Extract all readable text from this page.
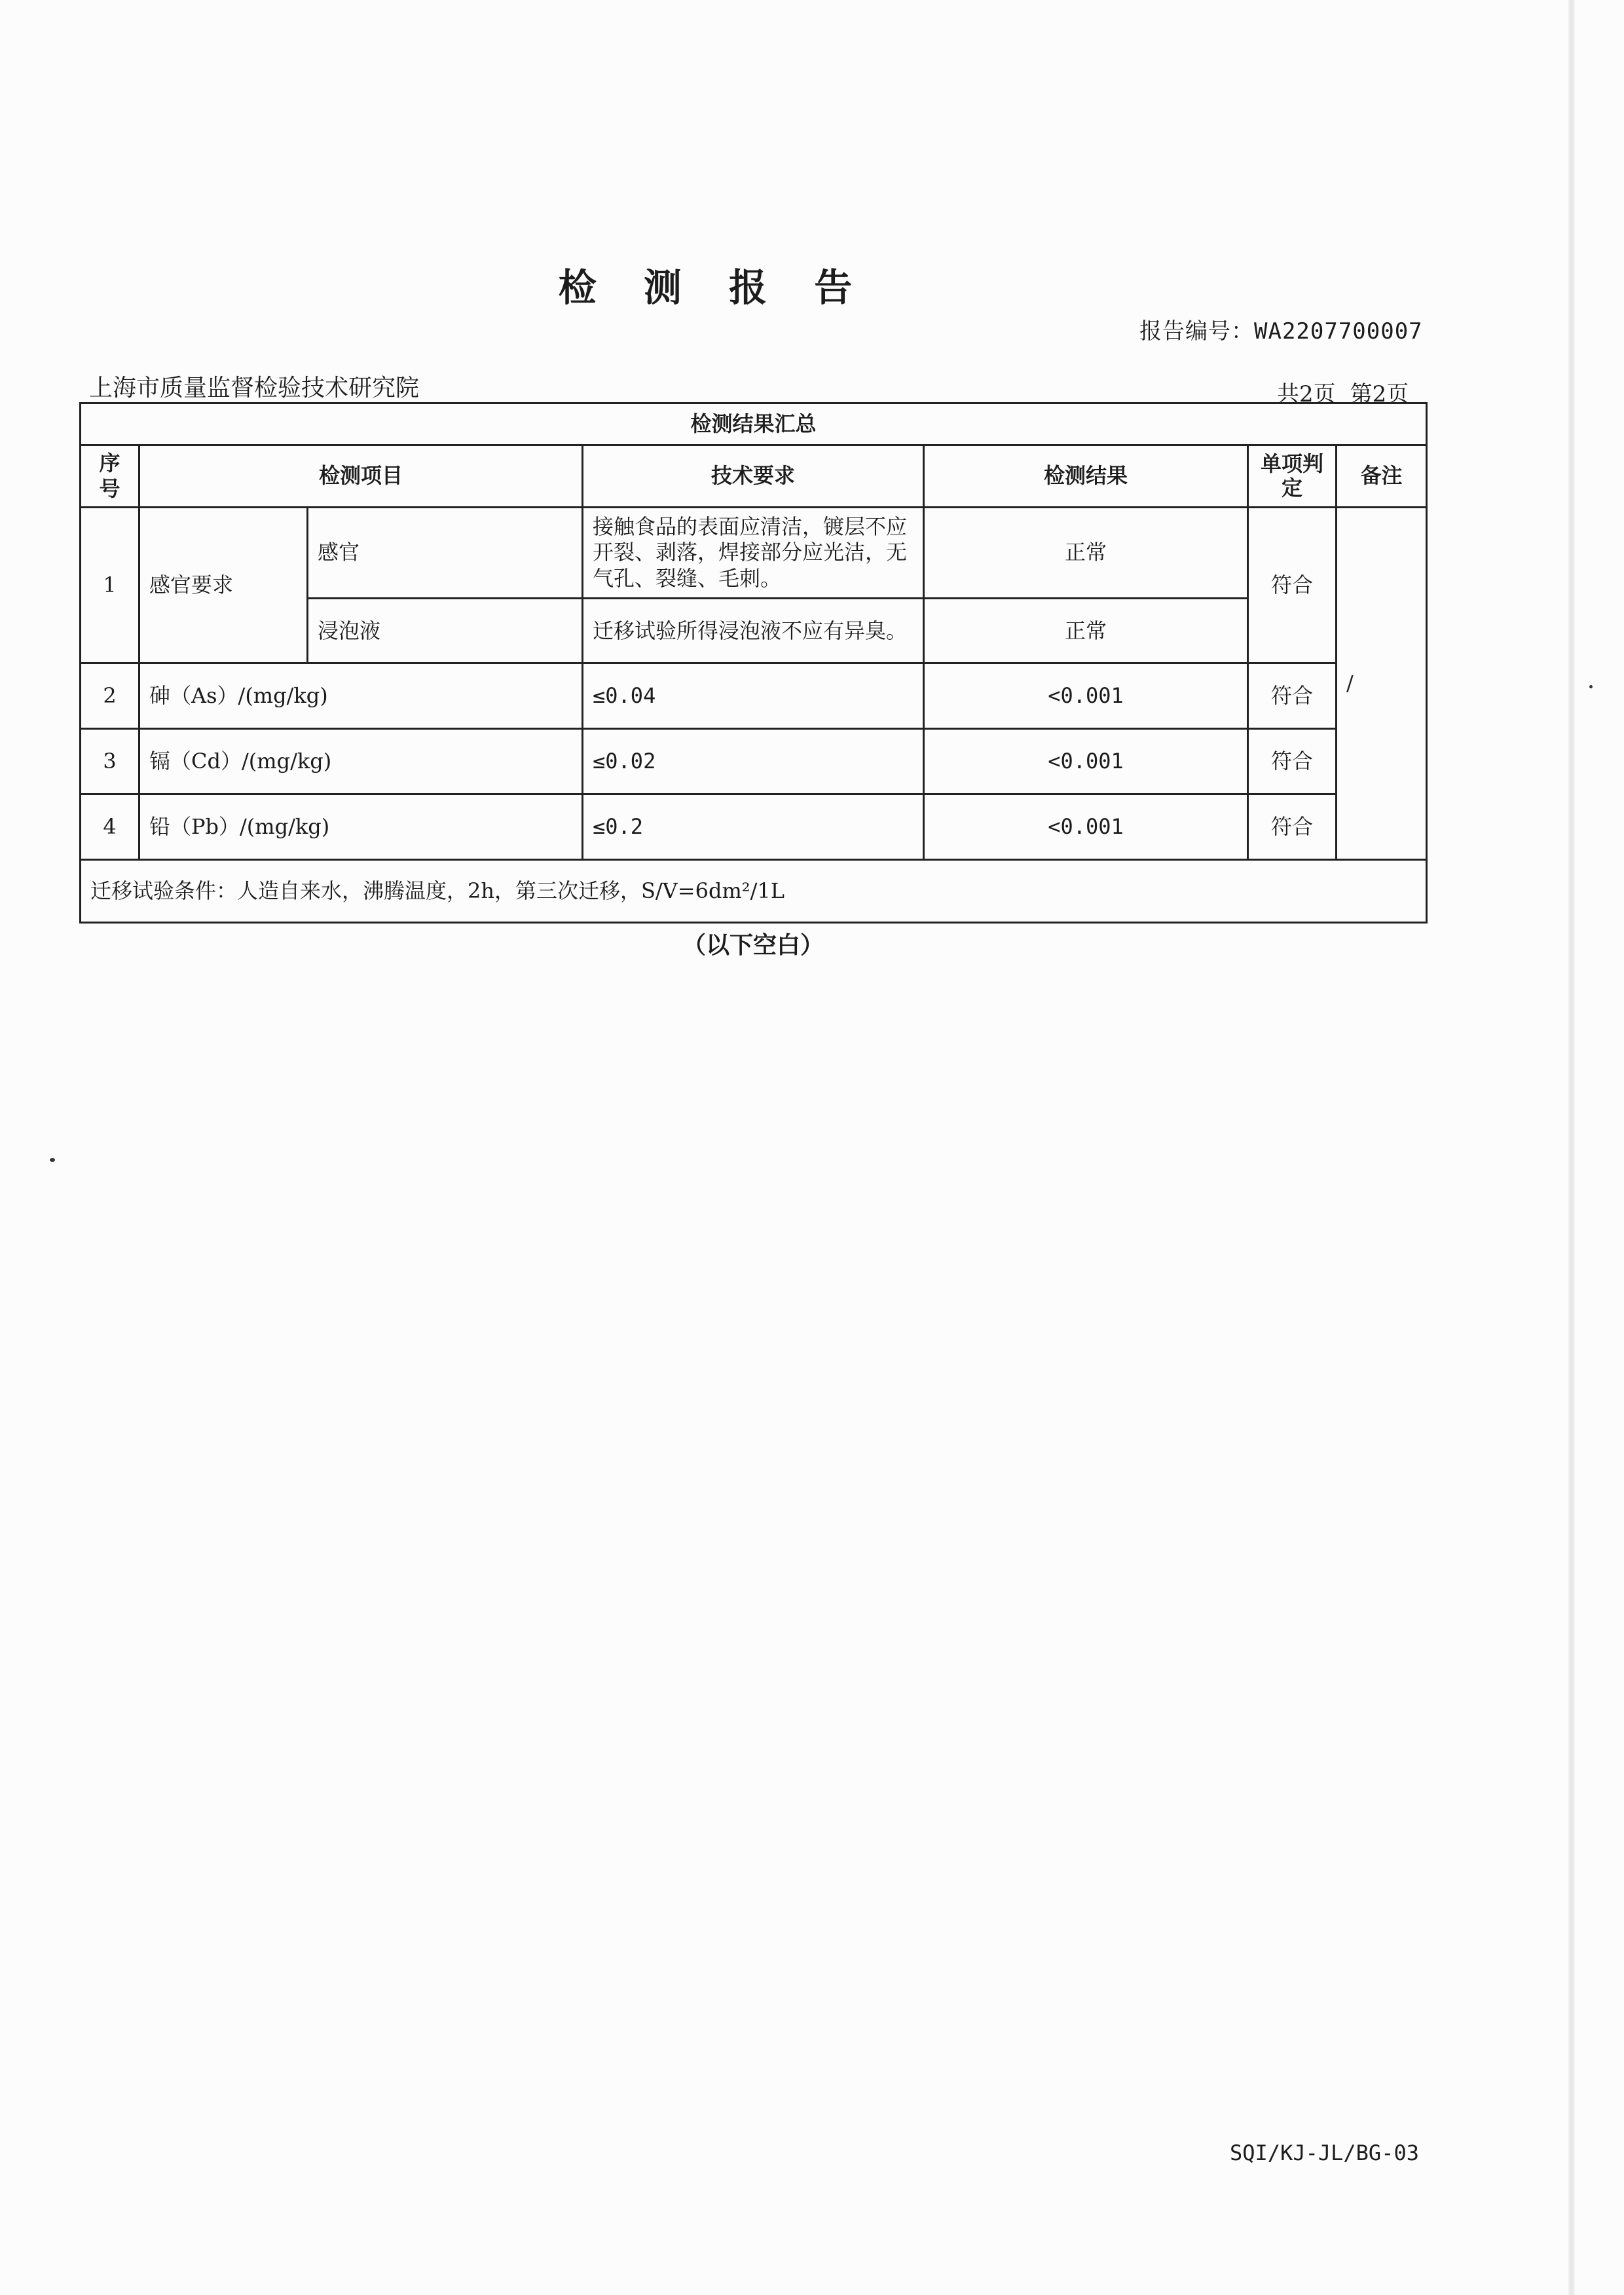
检 测 报 告
报告编号：WA2207700007
上海市质量监督检验技术研究院	共2页 第2页
检测结果汇总						
序号	检测项目		技术要求	检测结果	单项判定	备注
1	感官要求	感官	接触食品的表面应清洁，镀层不应开裂、剥落，焊接部分应光洁，无气孔、裂缝、毛刺。	正常	符合	/
		浸泡液	迁移试验所得浸泡液不应有异臭。	正常		
2	砷（As）/(mg/kg)		≤0.04	<0.001	符合	
3	镉（Cd）/(mg/kg)		≤0.02	<0.001	符合	
4	铅（Pb）/(mg/kg)		≤0.2	<0.001	符合	
迁移试验条件：人造自来水，沸腾温度，2h，第三次迁移，S/V=6dm²/1L						
（以下空白）
SQI/KJ-JL/BG-03
